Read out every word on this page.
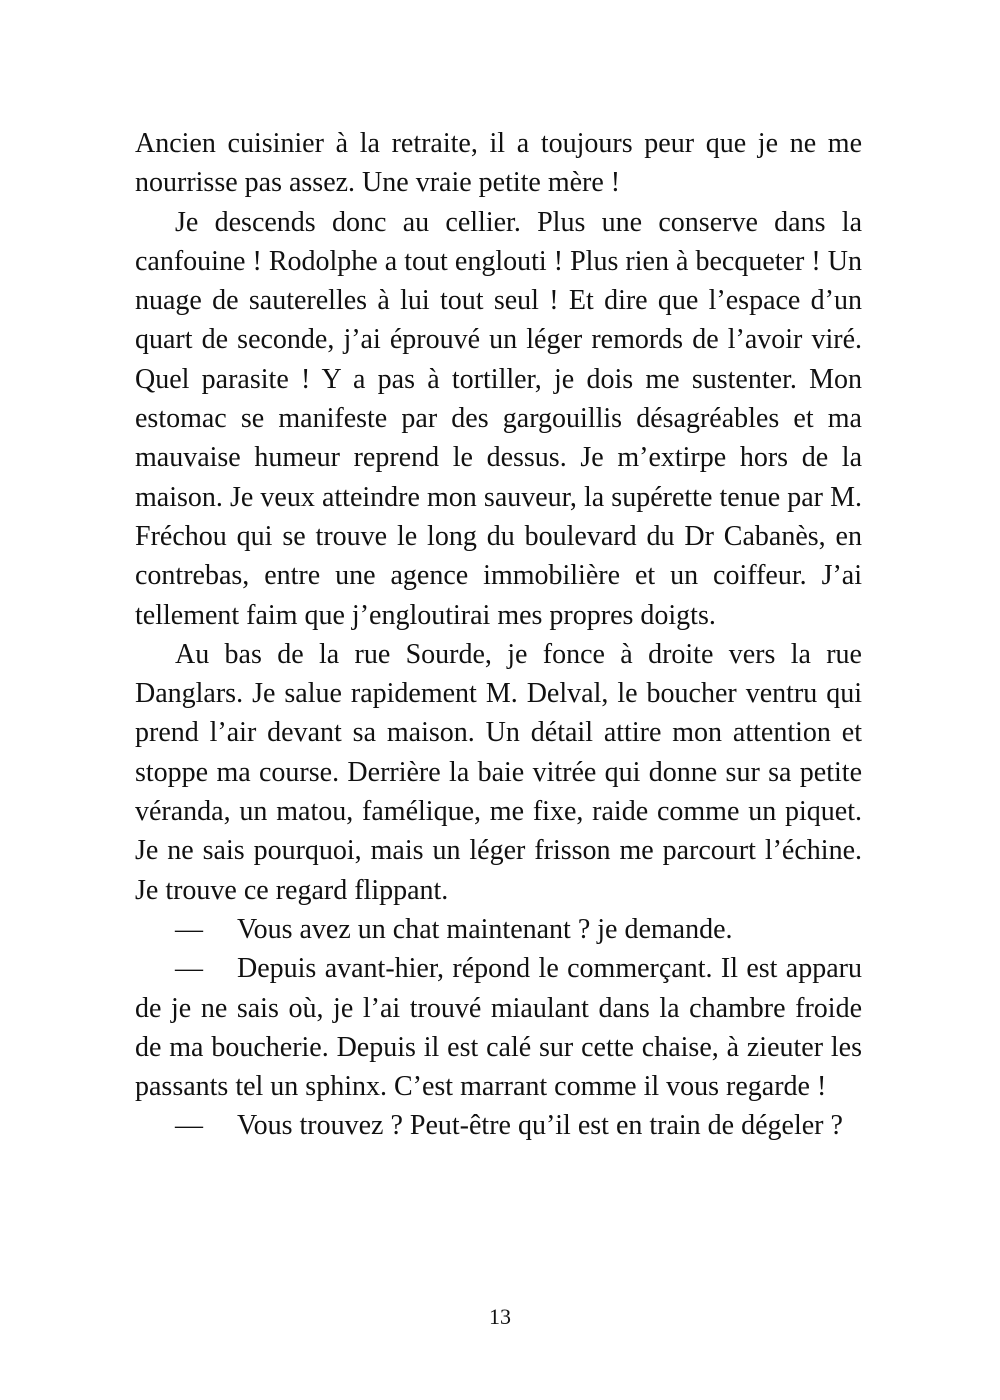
Ancien cuisinier à la retraite, il a toujours peur que je ne me nourrisse pas assez. Une vraie petite mère !

Je descends donc au cellier. Plus une conserve dans la canfouine ! Rodolphe a tout englouti ! Plus rien à becqueter ! Un nuage de sauterelles à lui tout seul ! Et dire que l’espace d’un quart de seconde, j’ai éprouvé un léger remords de l’avoir viré. Quel parasite ! Y a pas à tortiller, je dois me sustenter. Mon estomac se manifeste par des gargouillis désagréables et ma mauvaise humeur reprend le dessus. Je m’extirpe hors de la maison. Je veux atteindre mon sauveur, la supérette tenue par M. Fréchou qui se trouve le long du boulevard du Dr Cabanès, en contrebas, entre une agence immobilière et un coiffeur. J’ai tellement faim que j’engloutirai mes propres doigts.

Au bas de la rue Sourde, je fonce à droite vers la rue Danglars. Je salue rapidement M. Delval, le boucher ventru qui prend l’air devant sa maison. Un détail attire mon attention et stoppe ma course. Derrière la baie vitrée qui donne sur sa petite véranda, un matou, famélique, me fixe, raide comme un piquet. Je ne sais pourquoi, mais un léger frisson me parcourt l’échine. Je trouve ce regard flippant.

— Vous avez un chat maintenant ? je demande.

— Depuis avant-hier, répond le commerçant. Il est apparu de je ne sais où, je l’ai trouvé miaulant dans la chambre froide de ma boucherie. Depuis il est calé sur cette chaise, à zieuter les passants tel un sphinx. C’est marrant comme il vous regarde !

— Vous trouvez ? Peut-être qu’il est en train de dégeler ?

13
